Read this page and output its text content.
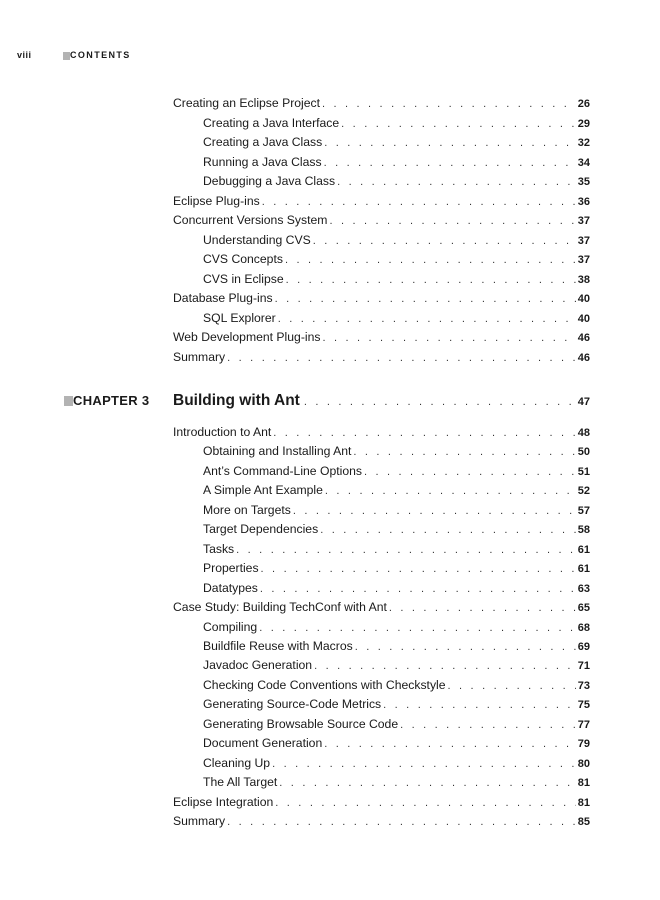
viii	CONTENTS
Creating an Eclipse Project . . .	26
Creating a Java Interface . . .	29
Creating a Java Class . . .	32
Running a Java Class . . .	34
Debugging a Java Class . . .	35
Eclipse Plug-ins . . .	36
Concurrent Versions System . . .	37
Understanding CVS . . .	37
CVS Concepts . . .	37
CVS in Eclipse . . .	38
Database Plug-ins . . .	40
SQL Explorer . . .	40
Web Development Plug-ins . . .	46
Summary . . .	46
CHAPTER 3 Building with Ant . . .	47
Introduction to Ant . . .	48
Obtaining and Installing Ant . . .	50
Ant’s Command-Line Options . . .	51
A Simple Ant Example . . .	52
More on Targets . . .	57
Target Dependencies . . .	58
Tasks . . .	61
Properties . . .	61
Datatypes . . .	63
Case Study: Building TechConf with Ant . . .	65
Compiling . . .	68
Buildfile Reuse with Macros . . .	69
Javadoc Generation . . .	71
Checking Code Conventions with Checkstyle . . .	73
Generating Source-Code Metrics . . .	75
Generating Browsable Source Code . . .	77
Document Generation . . .	79
Cleaning Up . . .	80
The All Target . . .	81
Eclipse Integration . . .	81
Summary . . .	85
